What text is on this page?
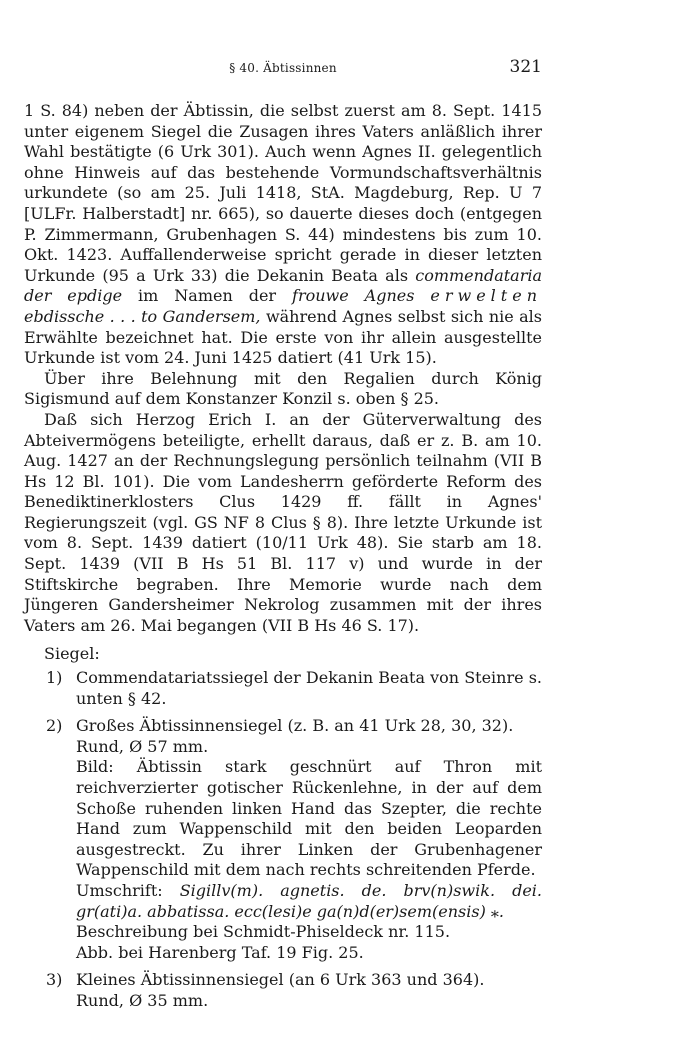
§ 40. Äbtissinnen	321

1 S. 84) neben der Äbtissin, die selbst zuerst am 8. Sept. 1415 unter eigenem Siegel die Zusagen ihres Vaters anläßlich ihrer Wahl bestätigte (6 Urk 301). Auch wenn Agnes II. gelegentlich ohne Hinweis auf das bestehende Vormundschaftsverhältnis urkundete (so am 25. Juli 1418, StA. Magdeburg, Rep. U 7 [ULFr. Halberstadt] nr. 665), so dauerte dieses doch (entgegen P. Zimmermann, Grubenhagen S. 44) mindestens bis zum 10. Okt. 1423. Auffallenderweise spricht gerade in dieser letzten Urkunde (95 a Urk 33) die Dekanin Beata als commendataria der epdige im Namen der frouwe Agnes erwelten ebdissche . . . to Gandersem, während Agnes selbst sich nie als Erwählte bezeichnet hat. Die erste von ihr allein ausgestellte Urkunde ist vom 24. Juni 1425 datiert (41 Urk 15).

Über ihre Belehnung mit den Regalien durch König Sigismund auf dem Konstanzer Konzil s. oben § 25.

Daß sich Herzog Erich I. an der Güterverwaltung des Abteivermögens beteiligte, erhellt daraus, daß er z. B. am 10. Aug. 1427 an der Rechnungslegung persönlich teilnahm (VII B Hs 12 Bl. 101). Die vom Landesherrn geförderte Reform des Benediktinerklosters Clus 1429 ff. fällt in Agnes' Regierungszeit (vgl. GS NF 8 Clus § 8). Ihre letzte Urkunde ist vom 8. Sept. 1439 datiert (10/11 Urk 48). Sie starb am 18. Sept. 1439 (VII B Hs 51 Bl. 117 v) und wurde in der Stiftskirche begraben. Ihre Memorie wurde nach dem Jüngeren Gandersheimer Nekrolog zusammen mit der ihres Vaters am 26. Mai begangen (VII B Hs 46 S. 17).

Siegel:

1) Commendatariatssiegel der Dekanin Beata von Steinre s. unten § 42.

2) Großes Äbtissinnensiegel (z. B. an 41 Urk 28, 30, 32).

Rund, Ø 57 mm.

Bild: Äbtissin stark geschnürt auf Thron mit reichverzierter gotischer Rückenlehne, in der auf dem Schoße ruhenden linken Hand das Szepter, die rechte Hand zum Wappenschild mit den beiden Leoparden ausgestreckt. Zu ihrer Linken der Grubenhagener Wappenschild mit dem nach rechts schreitenden Pferde.

Umschrift: Sigillv(m). agnetis. de. brv(n)swik. dei. gr(ati)a. abbatissa. ecc(lesi)e ga(n)d(er)sem(ensis) ⁎.

Beschreibung bei Schmidt-Phiseldeck nr. 115.

Abb. bei Harenberg Taf. 19 Fig. 25.

3) Kleines Äbtissinnensiegel (an 6 Urk 363 und 364).

Rund, Ø 35 mm.
